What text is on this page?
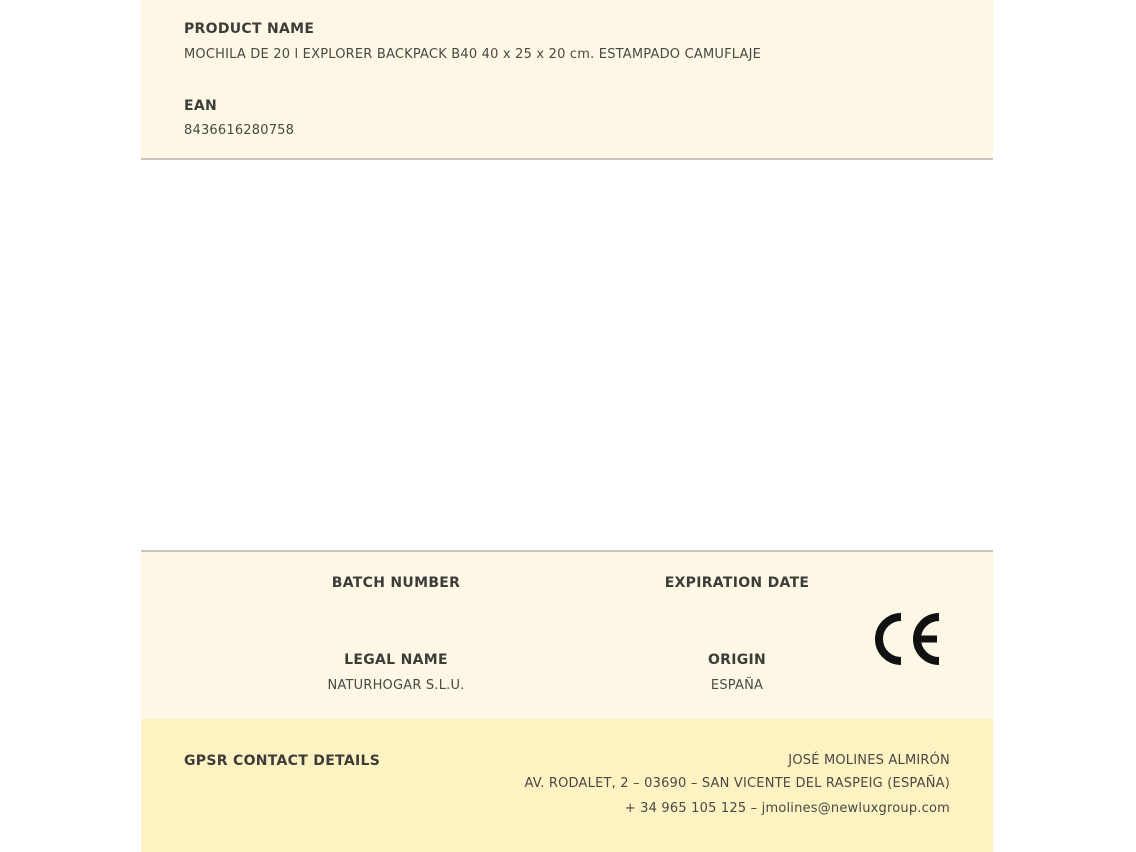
PRODUCT NAME
MOCHILA DE 20 l EXPLORER BACKPACK B40 40 x 25 x 20 cm. ESTAMPADO CAMUFLAJE
EAN
8436616280758
BATCH NUMBER	EXPIRATION DATE
LEGAL NAME
NATURHOGAR S.L.U.
ORIGIN
ESPAÑA
GPSR CONTACT DETAILS	JOSÉ MOLINES ALMIRÓN
AV. RODALET, 2 – 03690 – SAN VICENTE DEL RASPEIG (ESPAÑA)
+ 34 965 105 125 – jmolines@newluxgroup.com
